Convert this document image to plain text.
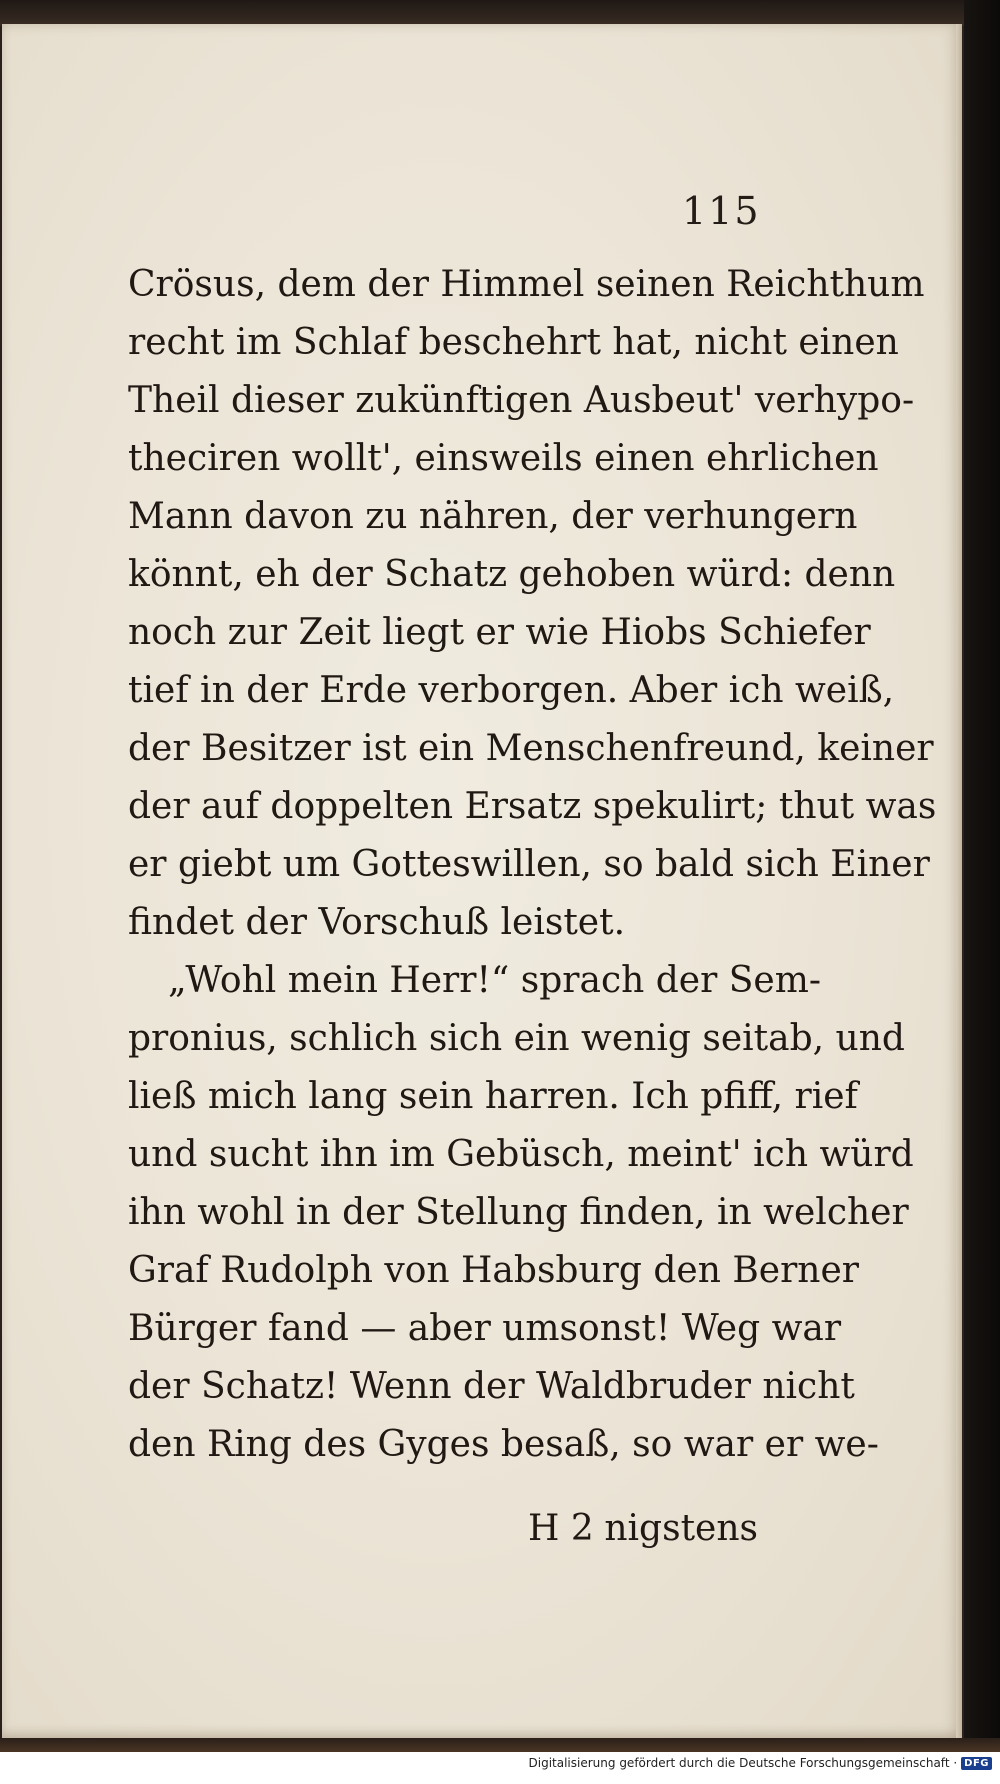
115
Crösus, dem der Himmel seinen Reichthum
recht im Schlaf beschehrt hat, nicht einen
Theil dieser zukünftigen Ausbeut' verhypo-
theciren wollt', einsweils einen ehrlichen
Mann davon zu nähren, der verhungern
könnt, eh der Schatz gehoben würd: denn
noch zur Zeit liegt er wie Hiobs Schiefer
tief in der Erde verborgen. Aber ich weiß,
der Besitzer ist ein Menschenfreund, keiner
der auf doppelten Ersatz spekulirt; thut was
er giebt um Gotteswillen, so bald sich Einer
findet der Vorschuß leistet.
„Wohl mein Herr!“ sprach der Sem-
pronius, schlich sich ein wenig seitab, und
ließ mich lang sein harren. Ich pfiff, rief
und sucht ihn im Gebüsch, meint' ich würd
ihn wohl in der Stellung finden, in welcher
Graf Rudolph von Habsburg den Berner
Bürger fand — aber umsonst! Weg war
der Schatz! Wenn der Waldbruder nicht
den Ring des Gyges besaß, so war er we-
H 2 nigstens
Digitalisierung gefördert durch die Deutsche Forschungsgemeinschaft · DFG
